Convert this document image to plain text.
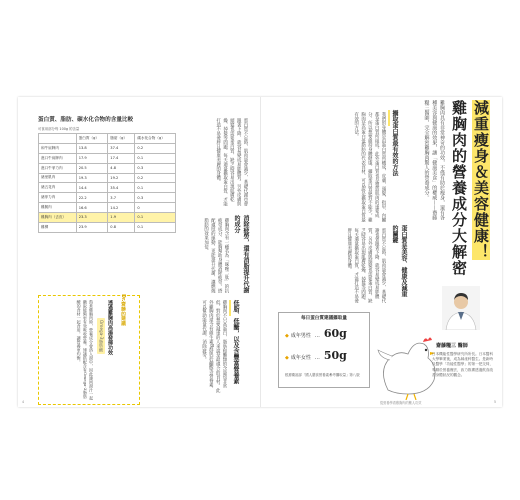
蛋白質、脂肪、碳水化合物的含量比較
可食用部分每 100g 的含量
	蛋白質（g）	脂肪（g）	碳水化合物（g）
和牛肩胛肉	13.8	37.4	0.2
進口牛肩胛肉	17.9	17.4	0.1
進口牛菲力肉	20.5	4.8	0.3
豬里肌肉	19.3	19.2	0.2
豬五花肉	14.4	35.4	0.1
豬菲力肉	22.2	3.7	0.3
雞腿肉	16.6	14.2	0
雞胸肉（去皮）	23.3	1.9	0.1
雞柳	23.9	0.8	0.1
低脂、低醣，以及含豐富營養素
雞胸肉不只高蛋白，脂肪和醣類的含量也非常低，對於想要減重的人來說是最適合的食材。此外雞胸肉還含有維生素B群與菸鹼酸等營養素，可以幫助能量代謝，消除疲勞。
消除疲勞，還有消脂提升代謝的成分
雞胸肉含有一種名為「咪唑二肽」的抗疲勞成分，能夠幫助身體消除疲勞。搭配適度的運動，更能提升代謝，讓燃燒脂肪的效果加倍。
蛋白質不足時，肌肉量會減少，基礎代謝也會跟著下降，就容易變成易胖體質。另外皮膚與頭髮也需要蛋白質，缺乏時容易出現肌膚乾燥、掉髮等問題。每天適量攝取蛋白質，才能打造不易發胖且健康美麗的身體。
Dr.齋藤的建議
透過雞胸肉高湯發揮功效
Omega-3脂肪酸
熬煮雞胸肉時，營養成分會溶入湯中，因此連同湯汁一起攝取能夠更有效吸收營養。建議搭配含有Omega-3脂肪酸的食材一起食用，讓營養更均衡。
減重瘦身＆美容健康！
雞胸肉的營養成分大解密
雞胸肉具有非常神奇的功效，不僅有助於瘦身，還有各種美容與健康的效果，讓「健康美食」的權威——齋藤糧三醫師，完全解密雞胸肉驚人的營養成分。
攝取蛋白質最有效的方法
我們的身體是由蛋白質所構成，皮膚、頭髮、指甲、內臟都是蛋白質所組成。此外蛋白質也是製造肌肉的重要成分，所以想要維持身體健康，攝取蛋白質絕對不能少。雞胸肉是高蛋白低脂肪的代表食材，可以說是攝取蛋白質最有效的方法。
蛋白質是美容、健康及減重的關鍵
蛋白質不足時，肌肉量會減少，基礎代謝也會跟著下降，就容易變成易胖體質。另外皮膚與頭髮也需要蛋白質，缺乏時容易出現肌膚乾燥、掉髮等問題。每天適量攝取蛋白質，才能打造不易發胖且健康美麗的身體。
每日蛋白質建議攝取量
◆ 成年男性 … 60g
◆ 成年女性 … 50g
根據衛福部「國人膳食營養素參考攝取量」第八版
齋藤糧三 醫師
日本機能性醫學研究所所長。日本醫科大學畢業後，成為婦產科醫生。是新時代醫學「功能性醫學」的第一把交椅，專精於營養療法，致力推廣透過飲食改善身體狀況的觀念。
4	5
從營養學看雞胸肉的驚人功效
